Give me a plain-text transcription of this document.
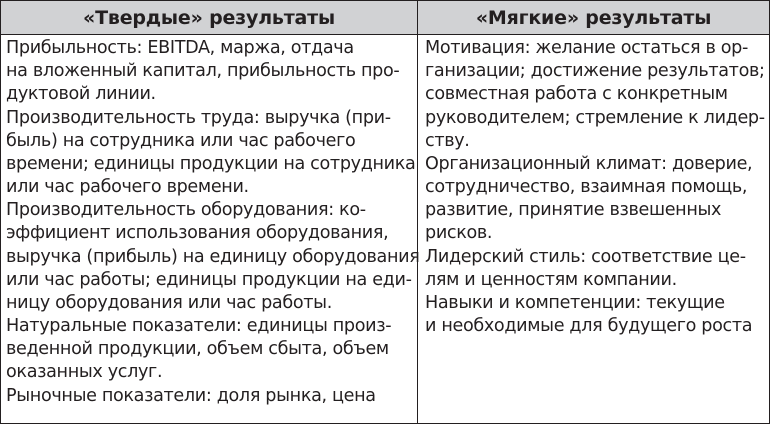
«Твердые» результаты	«Мягкие» результаты
Прибыльность: EBITDA, маржа, отдача
на вложенный капитал, прибыльность про-
дуктовой линии.
Производительность труда: выручка (при-
быль) на сотрудника или час рабочего
времени; единицы продукции на сотрудника
или час рабочего времени.
Производительность оборудования: ко-
эффициент использования оборудования,
выручка (прибыль) на единицу оборудования
или час работы; единицы продукции на еди-
ницу оборудования или час работы.
Натуральные показатели: единицы произ-
веденной продукции, объем сбыта, объем
оказанных услуг.
Рыночные показатели: доля рынка, цена
Мотивация: желание остаться в ор-
ганизации; достижение результатов;
совместная работа с конкретным
руководителем; стремление к лидер-
ству.
Организационный климат: доверие,
сотрудничество, взаимная помощь,
развитие, принятие взвешенных
рисков.
Лидерский стиль: соответствие це-
лям и ценностям компании.
Навыки и компетенции: текущие
и необходимые для будущего роста
